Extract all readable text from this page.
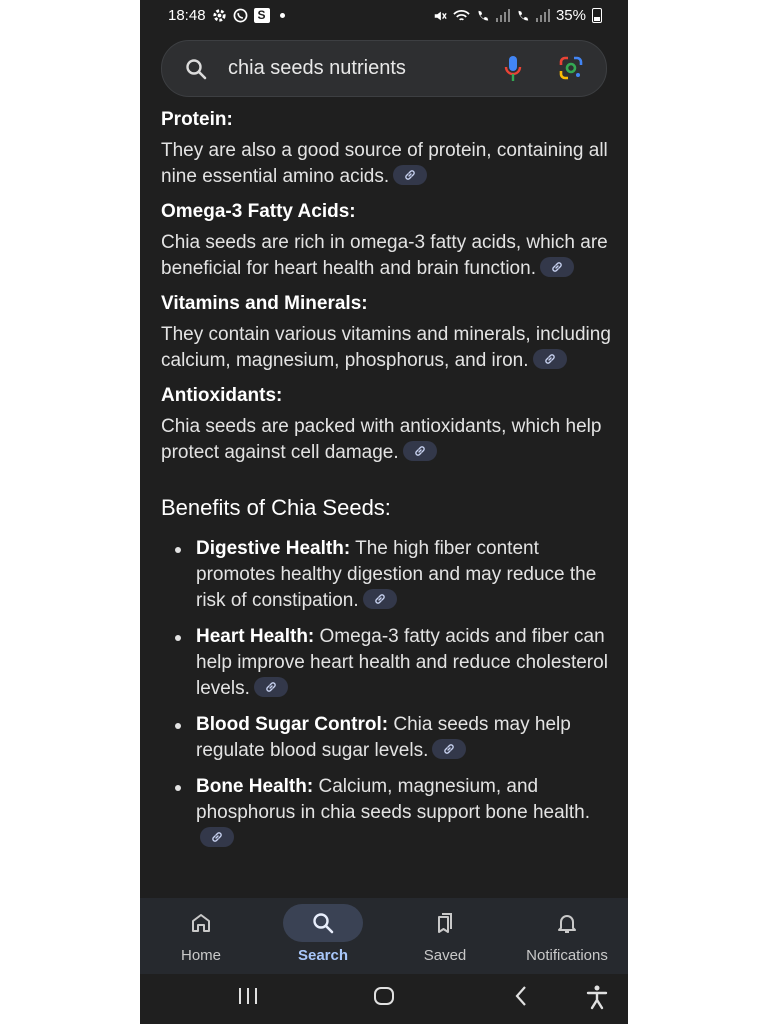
18:48	S	35%
chia seeds nutrients

Protein:

They are also a good source of protein, containing all nine essential amino acids.

Omega-3 Fatty Acids:

Chia seeds are rich in omega-3 fatty acids, which are beneficial for heart health and brain function.

Vitamins and Minerals:

They contain various vitamins and minerals, including calcium, magnesium, phosphorus, and iron.

Antioxidants:

Chia seeds are packed with antioxidants, which help protect against cell damage.

Benefits of Chia Seeds:

Digestive Health: The high fiber content promotes healthy digestion and may reduce the risk of constipation.
Heart Health: Omega-3 fatty acids and fiber can help improve heart health and reduce cholesterol levels.
Blood Sugar Control: Chia seeds may help regulate blood sugar levels.
Bone Health: Calcium, magnesium, and phosphorus in chia seeds support bone health.
Home	Search	Saved	Notifications
